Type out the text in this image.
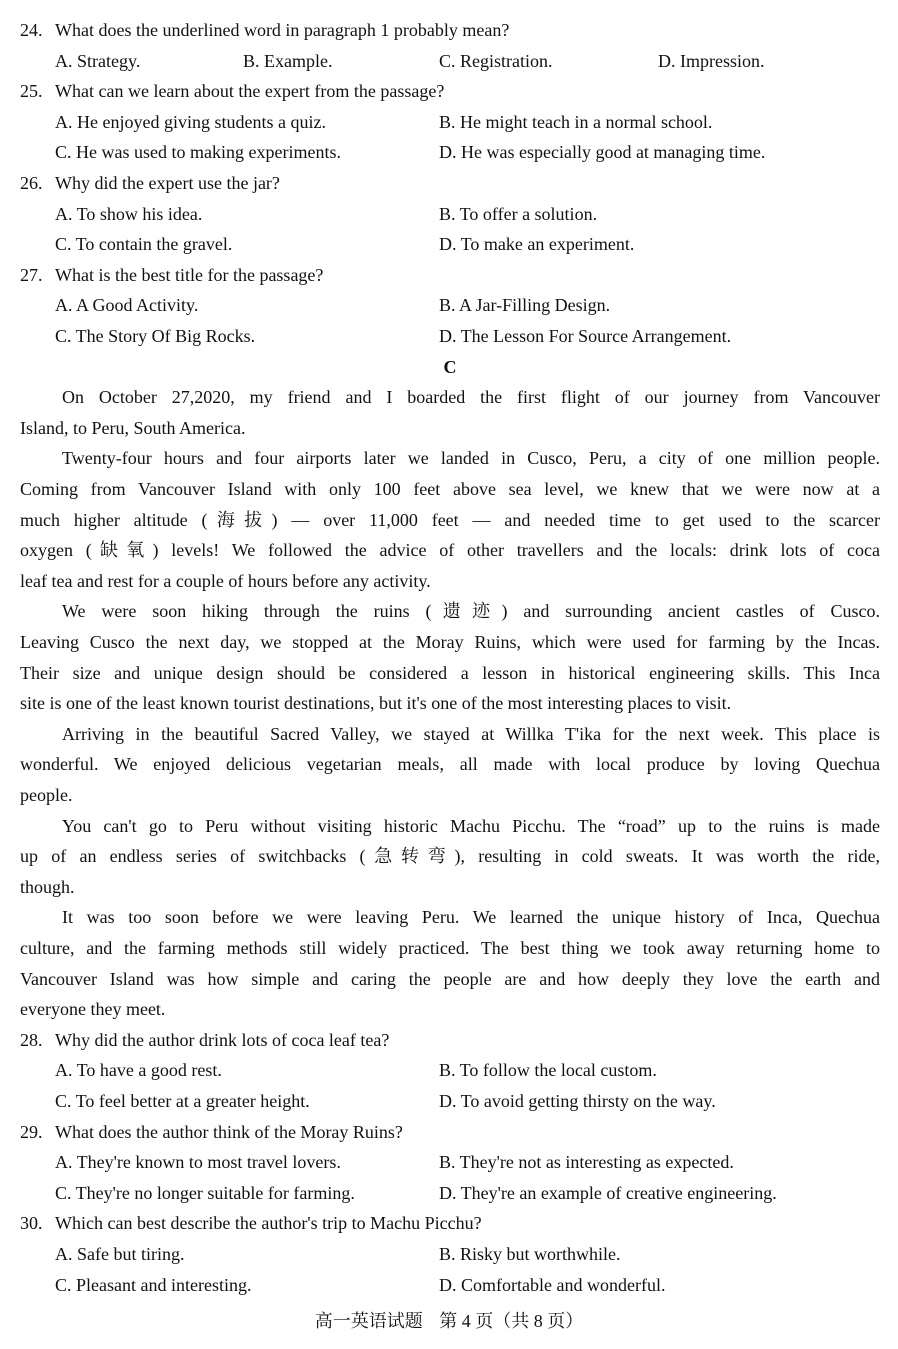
24. What does the underlined word in paragraph 1 probably mean?
A. Strategy.	B. Example.	C. Registration.	D. Impression.
25. What can we learn about the expert from the passage?
A. He enjoyed giving students a quiz.	B. He might teach in a normal school.
C. He was used to making experiments.	D. He was especially good at managing time.
26. Why did the expert use the jar?
A. To show his idea.	B. To offer a solution.
C. To contain the gravel.	D. To make an experiment.
27. What is the best title for the passage?
A. A Good Activity.	B. A Jar-Filling Design.
C. The Story Of Big Rocks.	D. The Lesson For Source Arrangement.
C
On October 27,2020, my friend and I boarded the first flight of our journey from Vancouver
Island, to Peru, South America.
Twenty-four hours and four airports later we landed in Cusco, Peru, a city of one million people.
Coming from Vancouver Island with only 100 feet above sea level, we knew that we were now at a
much higher altitude (海拔) — over 11,000 feet — and needed time to get used to the scarcer
oxygen (缺氧) levels! We followed the advice of other travellers and the locals: drink lots of coca
leaf tea and rest for a couple of hours before any activity.
We were soon hiking through the ruins (遗迹) and surrounding ancient castles of Cusco.
Leaving Cusco the next day, we stopped at the Moray Ruins, which were used for farming by the Incas.
Their size and unique design should be considered a lesson in historical engineering skills. This Inca
site is one of the least known tourist destinations, but it's one of the most interesting places to visit.
Arriving in the beautiful Sacred Valley, we stayed at Willka T'ika for the next week. This place is
wonderful. We enjoyed delicious vegetarian meals, all made with local produce by loving Quechua
people.
You can't go to Peru without visiting historic Machu Picchu. The “road” up to the ruins is made
up of an endless series of switchbacks (急转弯), resulting in cold sweats. It was worth the ride,
though.
It was too soon before we were leaving Peru. We learned the unique history of Inca, Quechua
culture, and the farming methods still widely practiced. The best thing we took away returning home to
Vancouver Island was how simple and caring the people are and how deeply they love the earth and
everyone they meet.
28. Why did the author drink lots of coca leaf tea?
A. To have a good rest.	B. To follow the local custom.
C. To feel better at a greater height.	D. To avoid getting thirsty on the way.
29. What does the author think of the Moray Ruins?
A. They're known to most travel lovers.	B. They're not as interesting as expected.
C. They're no longer suitable for farming.	D. They're an example of creative engineering.
30. Which can best describe the author's trip to Machu Picchu?
A. Safe but tiring.	B. Risky but worthwhile.
C. Pleasant and interesting.	D. Comfortable and wonderful.
高一英语试题 第 4 页（共 8 页）
